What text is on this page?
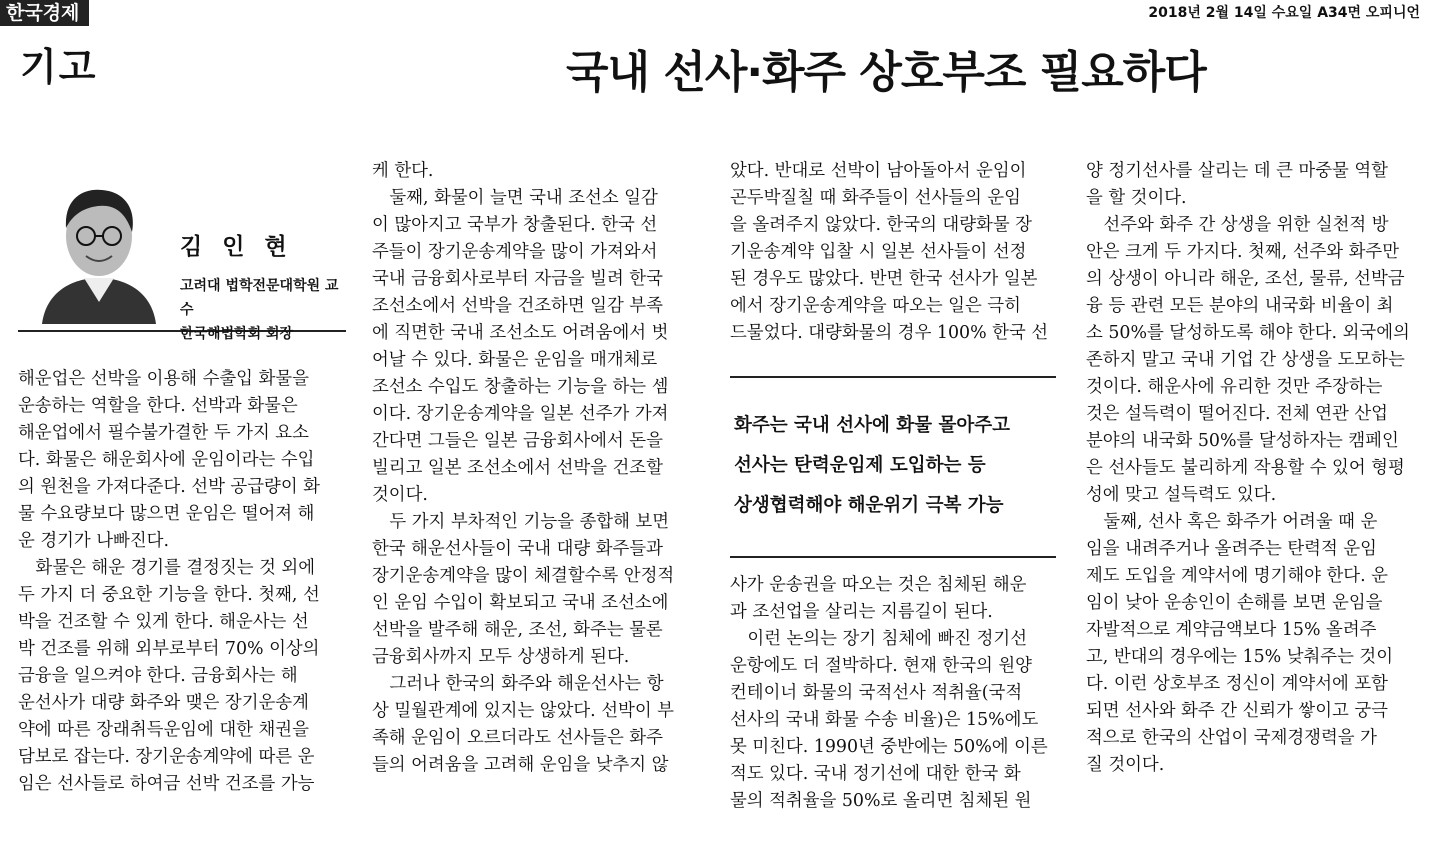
한국경제	2018년 2월 14일 수요일 A34면 오피니언
기고	국내 선사·화주 상호부조 필요하다
김 인 현
고려대 법학전문대학원 교수
한국해법학회 회장
해운업은 선박을 이용해 수출입 화물을
운송하는 역할을 한다. 선박과 화물은
해운업에서 필수불가결한 두 가지 요소
다. 화물은 해운회사에 운임이라는 수입
의 원천을 가져다준다. 선박 공급량이 화
물 수요량보다 많으면 운임은 떨어져 해
운 경기가 나빠진다.
화물은 해운 경기를 결정짓는 것 외에
두 가지 더 중요한 기능을 한다. 첫째, 선
박을 건조할 수 있게 한다. 해운사는 선
박 건조를 위해 외부로부터 70% 이상의
금융을 일으켜야 한다. 금융회사는 해
운선사가 대량 화주와 맺은 장기운송계
약에 따른 장래취득운임에 대한 채권을
담보로 잡는다. 장기운송계약에 따른 운
임은 선사들로 하여금 선박 건조를 가능
케 한다.
둘째, 화물이 늘면 국내 조선소 일감
이 많아지고 국부가 창출된다. 한국 선
주들이 장기운송계약을 많이 가져와서
국내 금융회사로부터 자금을 빌려 한국
조선소에서 선박을 건조하면 일감 부족
에 직면한 국내 조선소도 어려움에서 벗
어날 수 있다. 화물은 운임을 매개체로
조선소 수입도 창출하는 기능을 하는 셈
이다. 장기운송계약을 일본 선주가 가져
간다면 그들은 일본 금융회사에서 돈을
빌리고 일본 조선소에서 선박을 건조할
것이다.
두 가지 부차적인 기능을 종합해 보면
한국 해운선사들이 국내 대량 화주들과
장기운송계약을 많이 체결할수록 안정적
인 운임 수입이 확보되고 국내 조선소에
선박을 발주해 해운, 조선, 화주는 물론
금융회사까지 모두 상생하게 된다.
그러나 한국의 화주와 해운선사는 항
상 밀월관계에 있지는 않았다. 선박이 부
족해 운임이 오르더라도 선사들은 화주
들의 어려움을 고려해 운임을 낮추지 않
았다. 반대로 선박이 남아돌아서 운임이
곤두박질칠 때 화주들이 선사들의 운임
을 올려주지 않았다. 한국의 대량화물 장
기운송계약 입찰 시 일본 선사들이 선정
된 경우도 많았다. 반면 한국 선사가 일본
에서 장기운송계약을 따오는 일은 극히
드물었다. 대량화물의 경우 100% 한국 선
사가 운송권을 따오는 것은 침체된 해운
과 조선업을 살리는 지름길이 된다.
이런 논의는 장기 침체에 빠진 정기선
운항에도 더 절박하다. 현재 한국의 원양
컨테이너 화물의 국적선사 적취율(국적
선사의 국내 화물 수송 비율)은 15%에도
못 미친다. 1990년 중반에는 50%에 이른
적도 있다. 국내 정기선에 대한 한국 화
물의 적취율을 50%로 올리면 침체된 원
양 정기선사를 살리는 데 큰 마중물 역할
을 할 것이다.
선주와 화주 간 상생을 위한 실천적 방
안은 크게 두 가지다. 첫째, 선주와 화주만
의 상생이 아니라 해운, 조선, 물류, 선박금
융 등 관련 모든 분야의 내국화 비율이 최
소 50%를 달성하도록 해야 한다. 외국에의
존하지 말고 국내 기업 간 상생을 도모하는
것이다. 해운사에 유리한 것만 주장하는
것은 설득력이 떨어진다. 전체 연관 산업
분야의 내국화 50%를 달성하자는 캠페인
은 선사들도 불리하게 작용할 수 있어 형평
성에 맞고 설득력도 있다.
둘째, 선사 혹은 화주가 어려울 때 운
임을 내려주거나 올려주는 탄력적 운임
제도 도입을 계약서에 명기해야 한다. 운
임이 낮아 운송인이 손해를 보면 운임을
자발적으로 계약금액보다 15% 올려주
고, 반대의 경우에는 15% 낮춰주는 것이
다. 이런 상호부조 정신이 계약서에 포함
되면 선사와 화주 간 신뢰가 쌓이고 궁극
적으로 한국의 산업이 국제경쟁력을 가
질 것이다.
화주는 국내 선사에 화물 몰아주고
선사는 탄력운임제 도입하는 등
상생협력해야 해운위기 극복 가능
